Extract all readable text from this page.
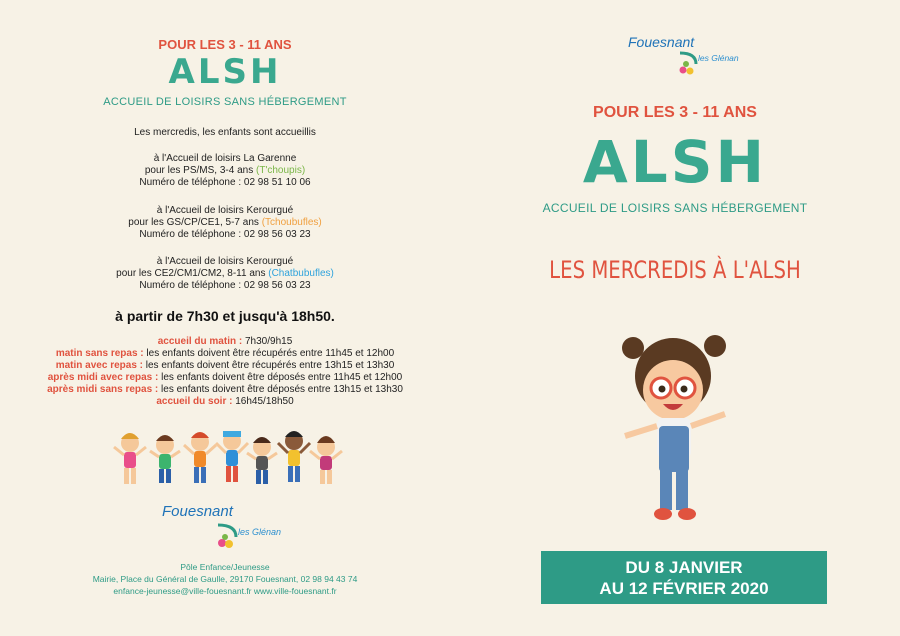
POUR LES 3 - 11 ANS
ALSH
ACCUEIL DE LOISIRS SANS HÉBERGEMENT
Les mercredis, les enfants sont accueillis
à l'Accueil de loisirs La Garenne
pour les PS/MS, 3-4 ans (T'choupis)
Numéro de téléphone : 02 98 51 10 06
à l'Accueil de loisirs Kerourgué
pour les GS/CP/CE1, 5-7 ans (Tchoubufles)
Numéro de téléphone : 02 98 56 03 23
à l'Accueil de loisirs Kerourgué
pour les CE2/CM1/CM2, 8-11 ans (Chatbubufles)
Numéro de téléphone : 02 98 56 03 23
à partir de 7h30 et jusqu'à 18h50.
accueil du matin : 7h30/9h15
matin sans repas : les enfants doivent être récupérés entre 11h45 et 12h00
matin avec repas : les enfants doivent être récupérés entre 13h15 et 13h30
après midi avec repas : les enfants doivent être déposés entre 11h45 et 12h00
après midi sans repas : les enfants doivent être déposés entre 13h15 et 13h30
accueil du soir : 16h45/18h50
Fouesnant
les Glénan
Pôle Enfance/Jeunesse
Mairie, Place du Général de Gaulle, 29170 Fouesnant, 02 98 94 43 74
enfance-jeunesse@ville-fouesnant.fr www.ville-fouesnant.fr
Fouesnant
les Glénan
POUR LES 3 - 11 ANS
ALSH
ACCUEIL DE LOISIRS SANS HÉBERGEMENT
LES MERCREDIS À L'ALSH
DU 8 JANVIER
AU 12 FÉVRIER 2020
